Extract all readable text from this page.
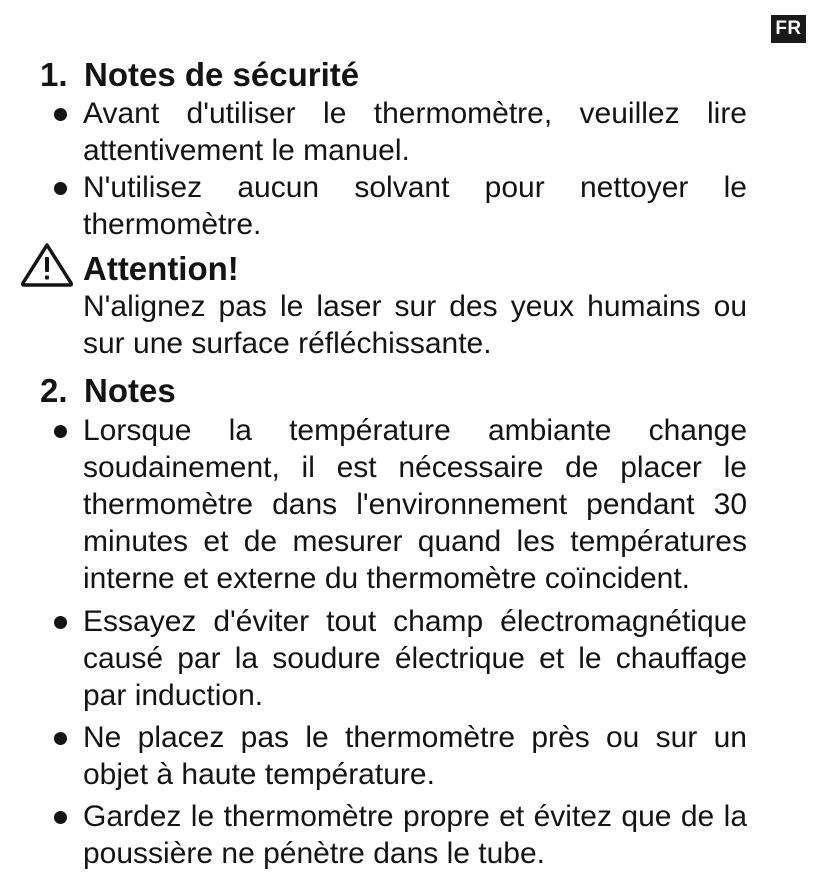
FR
1. Notes de sécurité
Avant d'utiliser le thermomètre, veuillez lire attentivement le manuel.
N'utilisez aucun solvant pour nettoyer le thermomètre.
Attention!

N'alignez pas le laser sur des yeux humains ou sur une surface réfléchissante.

2. Notes
Lorsque la température ambiante change soudainement, il est nécessaire de placer le thermomètre dans l'environnement pendant 30 minutes et de mesurer quand les températures interne et externe du thermomètre coïncident.
Essayez d'éviter tout champ électromagnétique causé par la soudure électrique et le chauffage par induction.
Ne placez pas le thermomètre près ou sur un objet à haute température.
Gardez le thermomètre propre et évitez que de la poussière ne pénètre dans le tube.
